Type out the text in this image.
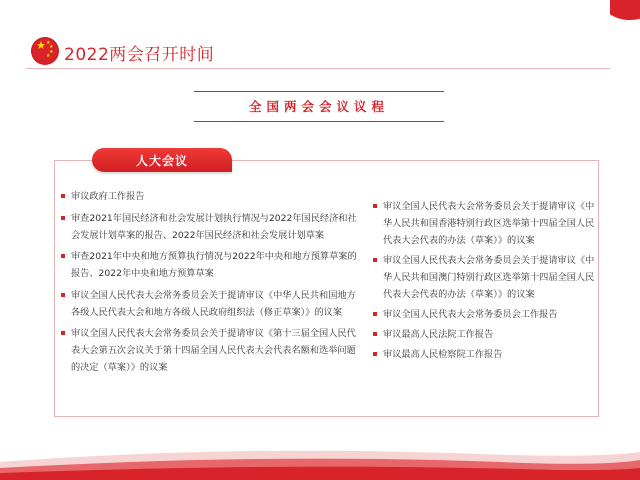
★ ★
★
★
★ 2022两会召开时间
全国两会会议议程
人大会议
审议政府工作报告
审查2021年国民经济和社会发展计划执行情况与2022年国民经济和社会发展计划草案的报告、2022年国民经济和社会发展计划草案
审查2021年中央和地方预算执行情况与2022年中央和地方预算草案的报告、2022年中央和地方预算草案
审议全国人民代表大会常务委员会关于提请审议《中华人民共和国地方各级人民代表大会和地方各级人民政府组织法（修正草案）》的议案
审议全国人民代表大会常务委员会关于提请审议《第十三届全国人民代表大会第五次会议关于第十四届全国人民代表大会代表名额和选举问题的决定（草案）》的议案
审议全国人民代表大会常务委员会关于提请审议《中华人民共和国香港特别行政区选举第十四届全国人民代表大会代表的办法（草案）》的议案
审议全国人民代表大会常务委员会关于提请审议《中华人民共和国澳门特别行政区选举第十四届全国人民代表大会代表的办法（草案）》的议案
审议全国人民代表大会常务委员会工作报告
审议最高人民法院工作报告
审议最高人民检察院工作报告
